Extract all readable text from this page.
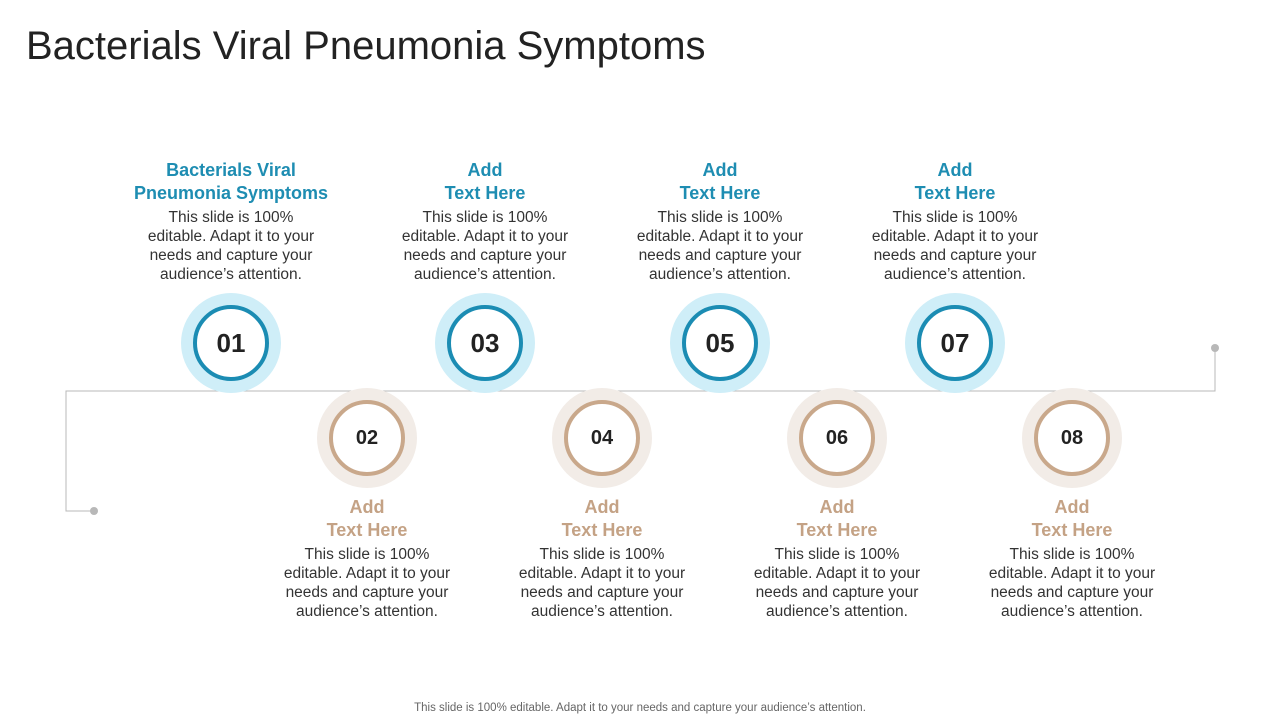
Bacterials Viral Pneumonia Symptoms

Bacterials Viral
Pneumonia Symptoms

This slide is 100%
editable. Adapt it to your
needs and capture your
audience’s attention.

01

Add
Text Here

This slide is 100%
editable. Adapt it to your
needs and capture your
audience’s attention.

03

Add
Text Here

This slide is 100%
editable. Adapt it to your
needs and capture your
audience’s attention.

05

Add
Text Here

This slide is 100%
editable. Adapt it to your
needs and capture your
audience’s attention.

07
02

Add
Text Here

This slide is 100%
editable. Adapt it to your
needs and capture your
audience’s attention.

04

Add
Text Here

This slide is 100%
editable. Adapt it to your
needs and capture your
audience’s attention.

06

Add
Text Here

This slide is 100%
editable. Adapt it to your
needs and capture your
audience’s attention.

08

Add
Text Here

This slide is 100%
editable. Adapt it to your
needs and capture your
audience’s attention.

This slide is 100% editable. Adapt it to your needs and capture your audience’s attention.
